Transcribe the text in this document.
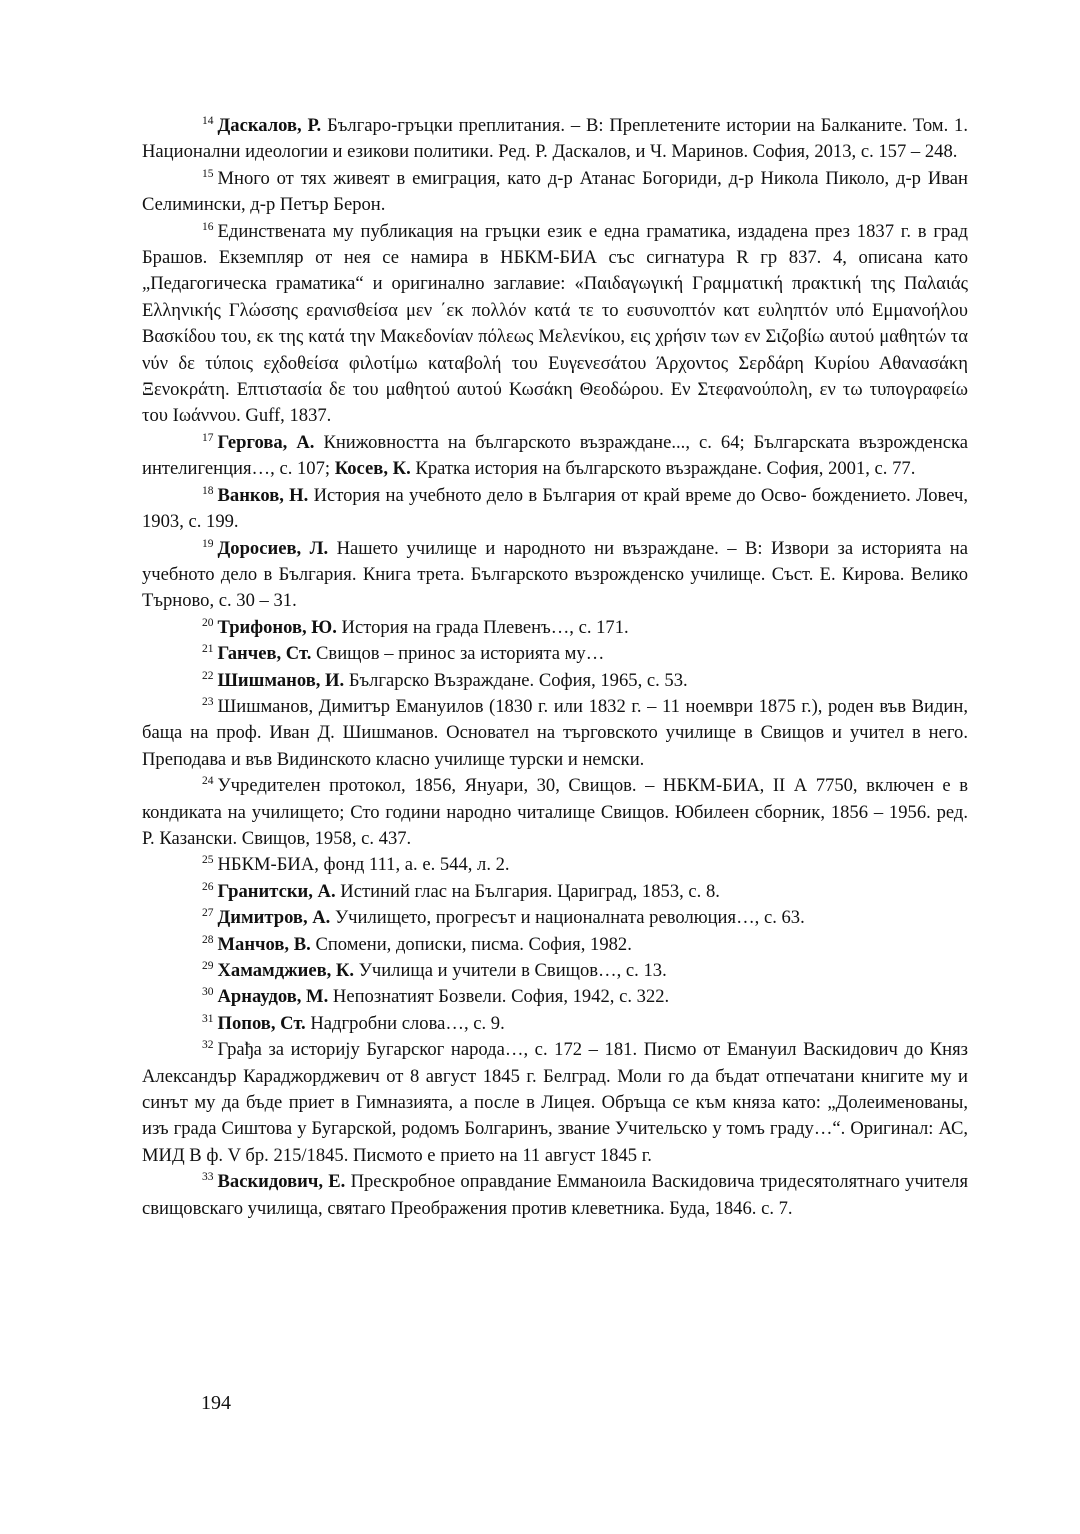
$^{14}$ Даскалов, Р. Българо-гръцки преплитания. – В: Преплетените истории на Балканите. Том. 1. Национални идеологии и езикови политики. Ред. Р. Даскалов, и Ч. Маринов. София, 2013, с. 157 – 248.

$^{15}$ Много от тях живеят в емиграция, като д-р Атанас Богориди, д-р Никола Пиколо, д-р Иван Селимински, д-р Петър Берон.

$^{16}$ Единствената му публикация на гръцки език е една граматика, издадена през 1837 г. в град Брашов. Екземпляр от нея се намира в НБКМ-БИА със сигнатура R гр 837. 4, описана като „Педагогическа граматика“ и оригинално заглавие: «Παιδαγωγική Γραμματική πρακτική της Παλαιάς Ελληνικής Γλώσσης ερανισθείσα μεν ΄εκ πολλόν κατά τε το ευσυνοπτόν κατ ευληπτόν υπό Εμμανοήλου Βασκίδου του, εκ της κατά την Μακεδονίαν πόλεως Μελενίκου, εις χρήσιν των εν Σιζοβίω αυτού μαθητών τα νύν δε τύποις εχδοθείσα φιλοτίμω καταβολή του Ευγενεσάτου Άρχοντος Σερδάρη Κυρίου Αθανασάκη Ξενοκράτη. Επτιστασία δε του μαθητού αυτού Κωσάκη Θεοδώρου. Εν Στεφανούπολη, εν τω τυπογραφείω του Ιωάννου. Guff, 1837.

$^{17}$ Гергова, А. Книжовността на българското възраждане..., с. 64; Българската възрожденска интелигенция…, с. 107; Косев, К. Кратка история на българското възраждане. София, 2001, с. 77.

$^{18}$ Ванков, Н. История на учебното дело в България от край време до Осво- бождението. Ловеч, 1903, с. 199.

$^{19}$ Доросиев, Л. Нашето училище и народното ни възраждане. – В: Извори за историята на учебното дело в България. Книга трета. Българското възрожденско училище. Съст. Е. Кирова. Велико Търново, с. 30 – 31.

$^{20}$ Трифонов, Ю. История на града Плевенъ…, с. 171.

$^{21}$ Ганчев, Ст. Свищов – принос за историята му…

$^{22}$ Шишманов, И. Българско Възраждане. София, 1965, с. 53.

$^{23}$ Шишманов, Димитър Емануилов (1830 г. или 1832 г. – 11 ноември 1875 г.), роден във Видин, баща на проф. Иван Д. Шишманов. Основател на търговското училище в Свищов и учител в него. Преподава и във Видинското класно училище турски и немски.

$^{24}$ Учредителен протокол, 1856, Януари, 30, Свищов. – НБКМ-БИА, II А 7750, включен е в кондиката на училището; Сто години народно читалище Свищов. Юбилеен сборник, 1856 – 1956. ред. Р. Казански. Свищов, 1958, с. 437.

$^{25}$ НБКМ-БИА, фонд 111, а. е. 544, л. 2.

$^{26}$ Гранитски, А. Истиний глас на България. Цариград, 1853, с. 8.

$^{27}$ Димитров, А. Училището, прогресът и националната революция…, с. 63.

$^{28}$ Манчов, В. Спомени, дописки, писма. София, 1982.

$^{29}$ Хамамджиев, К. Училища и учители в Свищов…, с. 13.

$^{30}$ Арнаудов, М. Непознатият Бозвели. София, 1942, с. 322.

$^{31}$ Попов, Ст. Надгробни слова…, с. 9.

$^{32}$ Грађа за историју Бугарског народа…, с. 172 – 181. Писмо от Емануил Васкидович до Княз Александър Караджорджевич от 8 август 1845 г. Белград. Моли го да бъдат отпечатани книгите му и синът му да бъде приет в Гимназията, а после в Лицея. Обръща се към княза като: „Долеименованы, изъ града Сиштова у Бугарской, родомъ Болгаринъ, звание Учительско у томъ граду…“. Оригинал: АС, МИД В ф. V бр. 215/1845. Писмото е прието на 11 август 1845 г.

$^{33}$ Васкидович, Е. Прескробное оправдание Емманоила Васкидовича тридесятолятнаго учителя свищовскаго училища, святаго Преображения против клеветника. Буда, 1846. с. 7.

194
